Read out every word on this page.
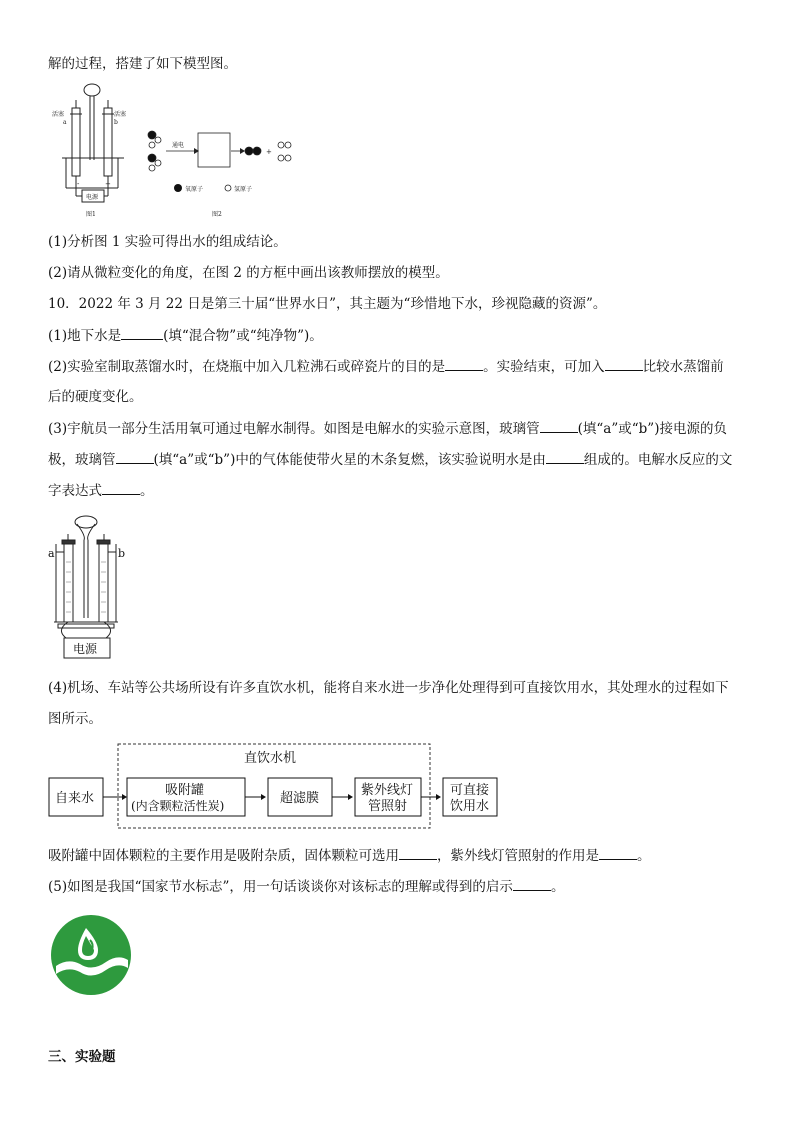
解的过程，搭建了如下模型图。
活塞	活塞
a	b
-	+
电源
图1
通电
+
氧原子	氢原子
图2
(1)分析图 1 实验可得出水的组成结论。
(2)请从微粒变化的角度，在图 2 的方框中画出该教师摆放的模型。
10．2022 年 3 月 22 日是第三十届“世界水日”，其主题为“珍惜地下水，珍视隐藏的资源”。
(1)地下水是	(填“混合物”或“纯净物”)。
(2)实验室制取蒸馏水时，在烧瓶中加入几粒沸石或碎瓷片的目的是	。实验结束，可加入	比较水蒸馏前
后的硬度变化。
(3)宇航员一部分生活用氧可通过电解水制得。如图是电解水的实验示意图，玻璃管	(填“a”或“b”)接电源的负
极，玻璃管	(填“a”或“b”)中的气体能使带火星的木条复燃，该实验说明水是由	组成的。电解水反应的文
字表达式	。
a	b
电源
(4)机场、车站等公共场所设有许多直饮水机，能将自来水进一步净化处理得到可直接饮用水，其处理水的过程如下
图所示。
直饮水机
自来水
吸附罐
(内含颗粒活性炭)	超滤膜
紫外线灯
管照射
可直接
饮用水
吸附罐中固体颗粒的主要作用是吸附杂质，固体颗粒可选用	，紫外线灯管照射的作用是	。
(5)如图是我国“国家节水标志”，用一句话谈谈你对该标志的理解或得到的启示	。
三、实验题
